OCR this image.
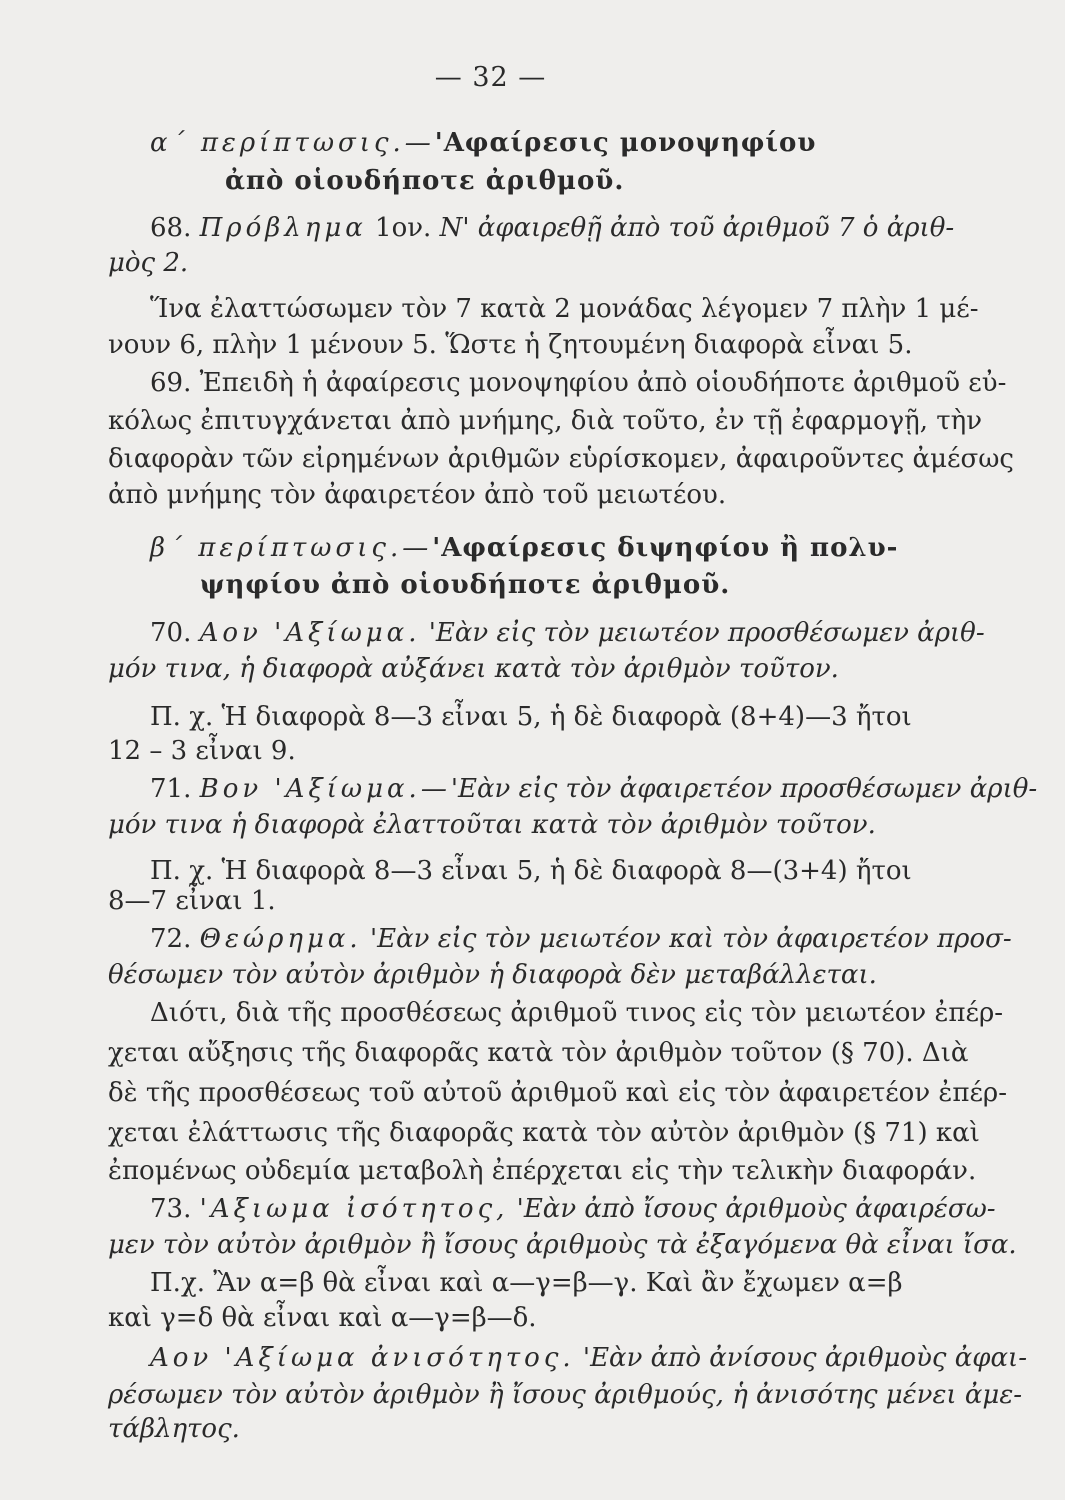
— 32 —
α΄ περίπτωσις.—'Αφαίρεσις μονοψηφίου
ἀπὸ οἱουδήποτε ἀριθμοῦ.
68. Πρόβλημα 1ον. Ν' ἀφαιρεθῇ ἀπὸ τοῦ ἀριθμοῦ 7 ὁ ἀριθ-
μὸς 2.
Ἵνα ἐλαττώσωμεν τὸν 7 κατὰ 2 μονάδας λέγομεν 7 πλὴν 1 μέ-
νουν 6, πλὴν 1 μένουν 5. Ὥστε ἡ ζητουμένη διαφορὰ εἶναι 5.
69. Ἐπειδὴ ἡ ἀφαίρεσις μονοψηφίου ἀπὸ οἱουδήποτε ἀριθμοῦ εὐ-
κόλως ἐπιτυγχάνεται ἀπὸ μνήμης, διὰ τοῦτο, ἐν τῇ ἐφαρμογῇ, τὴν
διαφορὰν τῶν εἰρημένων ἀριθμῶν εὑρίσκομεν, ἀφαιροῦντες ἀμέσως
ἀπὸ μνήμης τὸν ἀφαιρετέον ἀπὸ τοῦ μειωτέου.
β΄ περίπτωσις.—'Αφαίρεσις διψηφίου ἢ πολυ-
ψηφίου ἀπὸ οἱουδήποτε ἀριθμοῦ.
70. Αον 'Αξίωμα. 'Εὰν εἰς τὸν μειωτέον προσθέσωμεν ἀριθ-
μόν τινα, ἡ διαφορὰ αὐξάνει κατὰ τὸν ἀριθμὸν τοῦτον.
Π. χ. Ἡ διαφορὰ 8—3 εἶναι 5, ἡ δὲ διαφορὰ (8+4)—3 ἤτοι
12 – 3 εἶναι 9.
71. Βον 'Αξίωμα.—'Εὰν εἰς τὸν ἀφαιρετέον προσθέσωμεν ἀριθ-
μόν τινα ἡ διαφορὰ ἐλαττοῦται κατὰ τὸν ἀριθμὸν τοῦτον.
Π. χ. Ἡ διαφορὰ 8—3 εἶναι 5, ἡ δὲ διαφορὰ 8—(3+4) ἤτοι
8—7 εἶναι 1.
72. Θεώρημα. 'Εὰν εἰς τὸν μειωτέον καὶ τὸν ἀφαιρετέον προσ-
θέσωμεν τὸν αὐτὸν ἀριθμὸν ἡ διαφορὰ δὲν μεταβάλλεται.
Διότι, διὰ τῆς προσθέσεως ἀριθμοῦ τινος εἰς τὸν μειωτέον ἐπέρ-
χεται αὔξησις τῆς διαφορᾶς κατὰ τὸν ἀριθμὸν τοῦτον (§ 70). Διὰ
δὲ τῆς προσθέσεως τοῦ αὐτοῦ ἀριθμοῦ καὶ εἰς τὸν ἀφαιρετέον ἐπέρ-
χεται ἐλάττωσις τῆς διαφορᾶς κατὰ τὸν αὐτὸν ἀριθμὸν (§ 71) καὶ
ἐπομένως οὐδεμία μεταβολὴ ἐπέρχεται εἰς τὴν τελικὴν διαφοράν.
73. 'Αξιωμα ἰσότητος, 'Εὰν ἀπὸ ἴσους ἀριθμοὺς ἀφαιρέσω-
μεν τὸν αὐτὸν ἀριθμὸν ἢ ἴσους ἀριθμοὺς τὰ ἐξαγόμενα θὰ εἶναι ἴσα.
Π.χ. Ἂν α=β θὰ εἶναι καὶ α—γ=β—γ. Καὶ ἂν ἔχωμεν α=β
καὶ γ=δ θὰ εἶναι καὶ α—γ=β—δ.
Αον 'Αξίωμα ἀνισότητος. 'Εὰν ἀπὸ ἀνίσους ἀριθμοὺς ἀφαι-
ρέσωμεν τὸν αὐτὸν ἀριθμὸν ἢ ἴσους ἀριθμούς, ἡ ἀνισότης μένει ἀμε-
τάβλητος.
